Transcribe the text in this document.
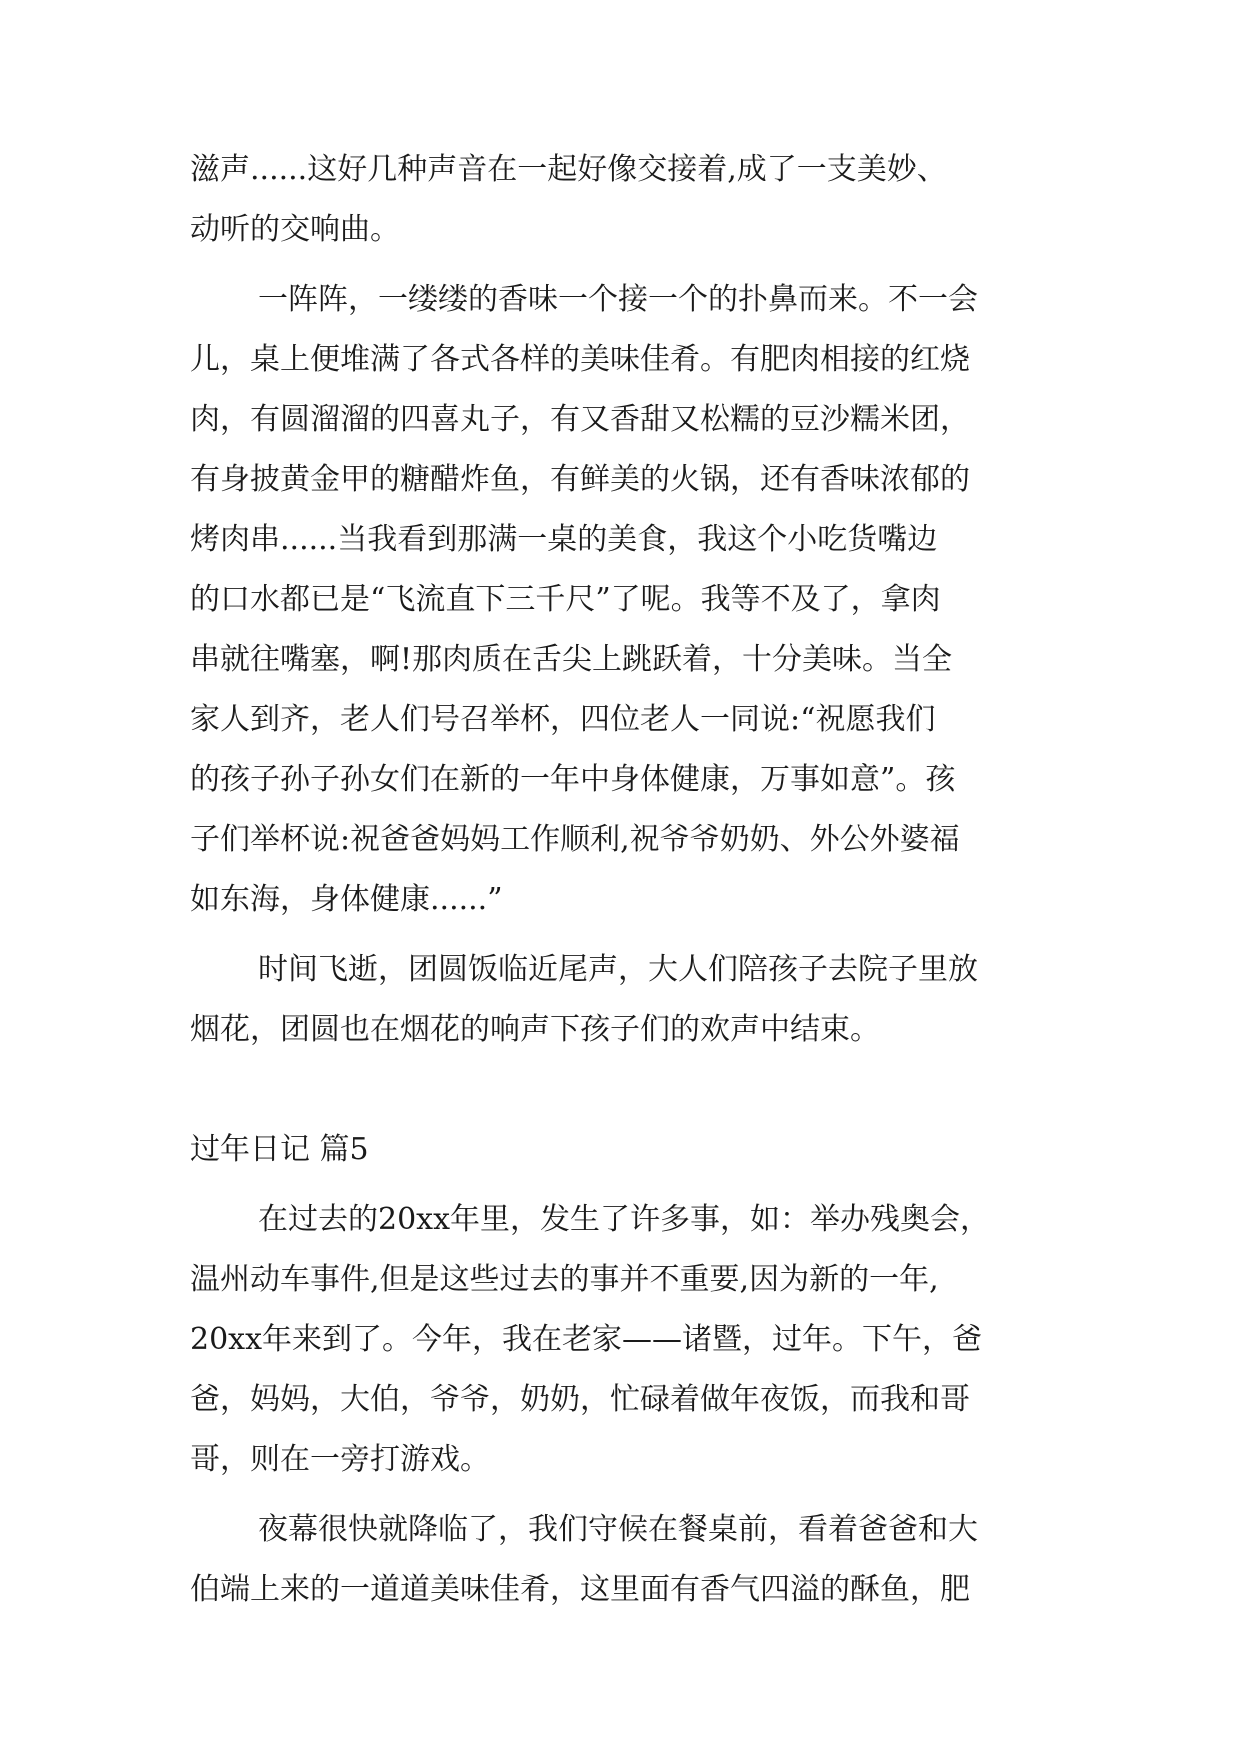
滋声......这好几种声音在一起好像交接着,成了一支美妙、
动听的交响曲。
一阵阵，一缕缕的香味一个接一个的扑鼻而来。不一会
儿，桌上便堆满了各式各样的美味佳肴。有肥肉相接的红烧
肉，有圆溜溜的四喜丸子，有又香甜又松糯的豆沙糯米团，
有身披黄金甲的糖醋炸鱼，有鲜美的火锅，还有香味浓郁的
烤肉串......当我看到那满一桌的美食，我这个小吃货嘴边
的口水都已是“飞流直下三千尺”了呢。我等不及了，拿肉
串就往嘴塞，啊!那肉质在舌尖上跳跃着，十分美味。当全
家人到齐，老人们号召举杯，四位老人一同说:“祝愿我们
的孩子孙子孙女们在新的一年中身体健康，万事如意”。孩
子们举杯说:祝爸爸妈妈工作顺利,祝爷爷奶奶、外公外婆福
如东海，身体健康......”
时间飞逝，团圆饭临近尾声，大人们陪孩子去院子里放
烟花，团圆也在烟花的响声下孩子们的欢声中结束。
过年日记 篇5
在过去的20xx年里，发生了许多事，如：举办残奥会，
温州动车事件,但是这些过去的事并不重要,因为新的一年,
20xx年来到了。今年，我在老家——诸暨，过年。下午，爸
爸，妈妈，大伯，爷爷，奶奶，忙碌着做年夜饭，而我和哥
哥，则在一旁打游戏。
夜幕很快就降临了，我们守候在餐桌前，看着爸爸和大
伯端上来的一道道美味佳肴，这里面有香气四溢的酥鱼，肥
